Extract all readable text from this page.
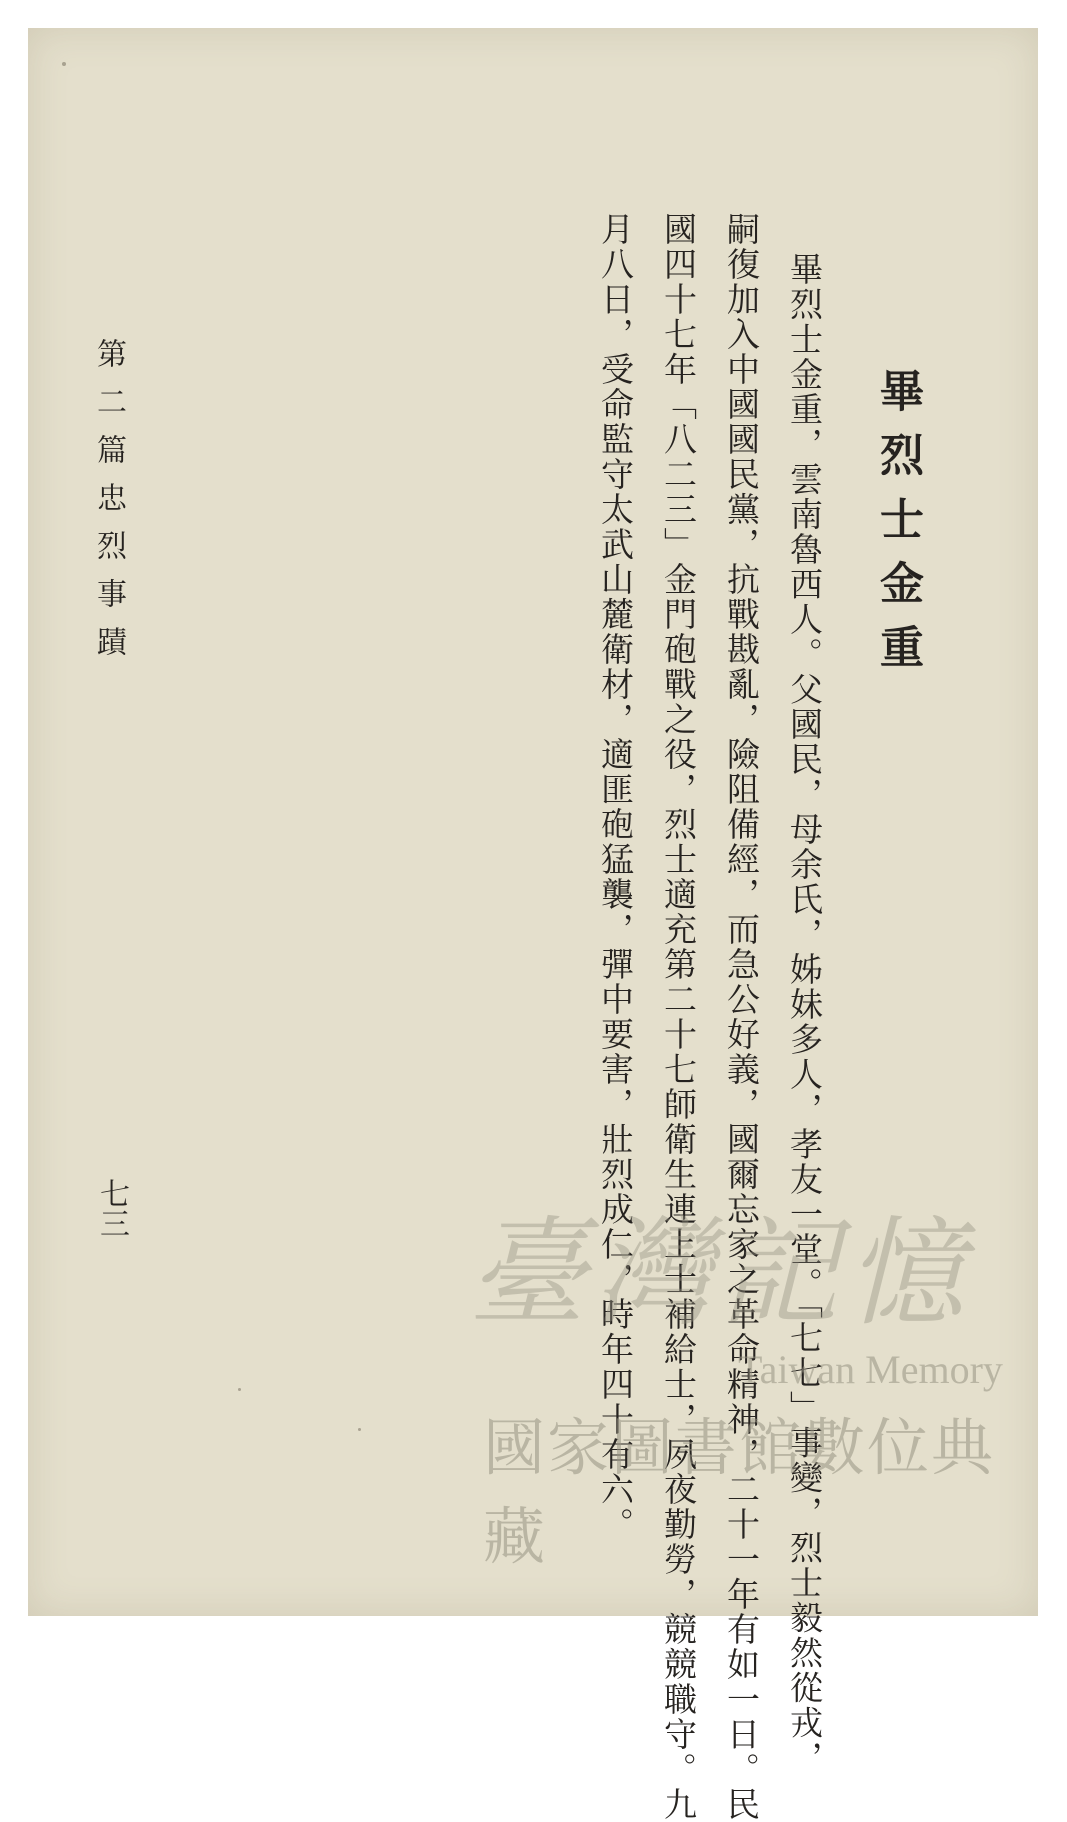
畢烈士金重
畢烈士金重，雲南魯西人。父國民，母余氏，姊妹多人，孝友一堂。「七七」事變，烈士毅然從戎，
嗣復加入中國國民黨，抗戰戡亂，險阻備經，而急公好義，國爾忘家之革命精神，二十一年有如一日。民
國四十七年「八二三」金門砲戰之役，烈士適充第二十七師衛生連上士補給士，夙夜勤勞，競競職守。九
月八日，受命監守太武山麓衛材，適匪砲猛襲，彈中要害，壯烈成仁，時年四十有六。
第二篇忠烈事蹟
七三	臺灣記憶
Taiwan Memory
國家圖書館數位典藏
